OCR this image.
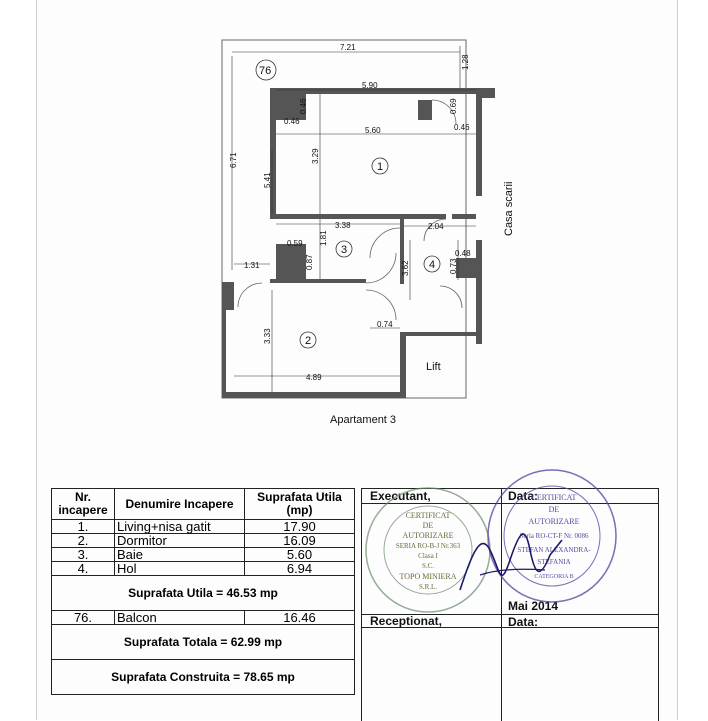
7.21
1.28
5.90
6.71
5.60
3.29
0.46
0.46	0.69
0.46
5.41
3.38	2.04
1.81
0.59
0.87
0.48
0.73
3.62
1.31
3.33
0.74
4.89
76
1
2
3
4
Casa scarii
Lift
Apartament 3
Nr. incapere	Denumire Incapere	Suprafata Utila (mp)
1.	Living+nisa gatit	17.90
2.	Dormitor	16.09
3.	Baie	5.60
4.	Hol	6.94
Suprafata Utila = 46.53 mp		
76.	Balcon	16.46
Suprafata Totala = 62.99 mp		
Suprafata Construita = 78.65 mp		
Executant,	Data:
Mai 2014
Receptionat,	Data:
CERTIFICAT
DE
AUTORIZARE
SERIA RO-B-J Nr.363
Clasa I
S.C.
TOPO MINIERA
S.R.L.
CERTIFICAT
DE
AUTORIZARE
Seria RO-CT-F Nr. 0086
STEFAN ALEXANDRA-
STEFANIA
CATEGORIA B
